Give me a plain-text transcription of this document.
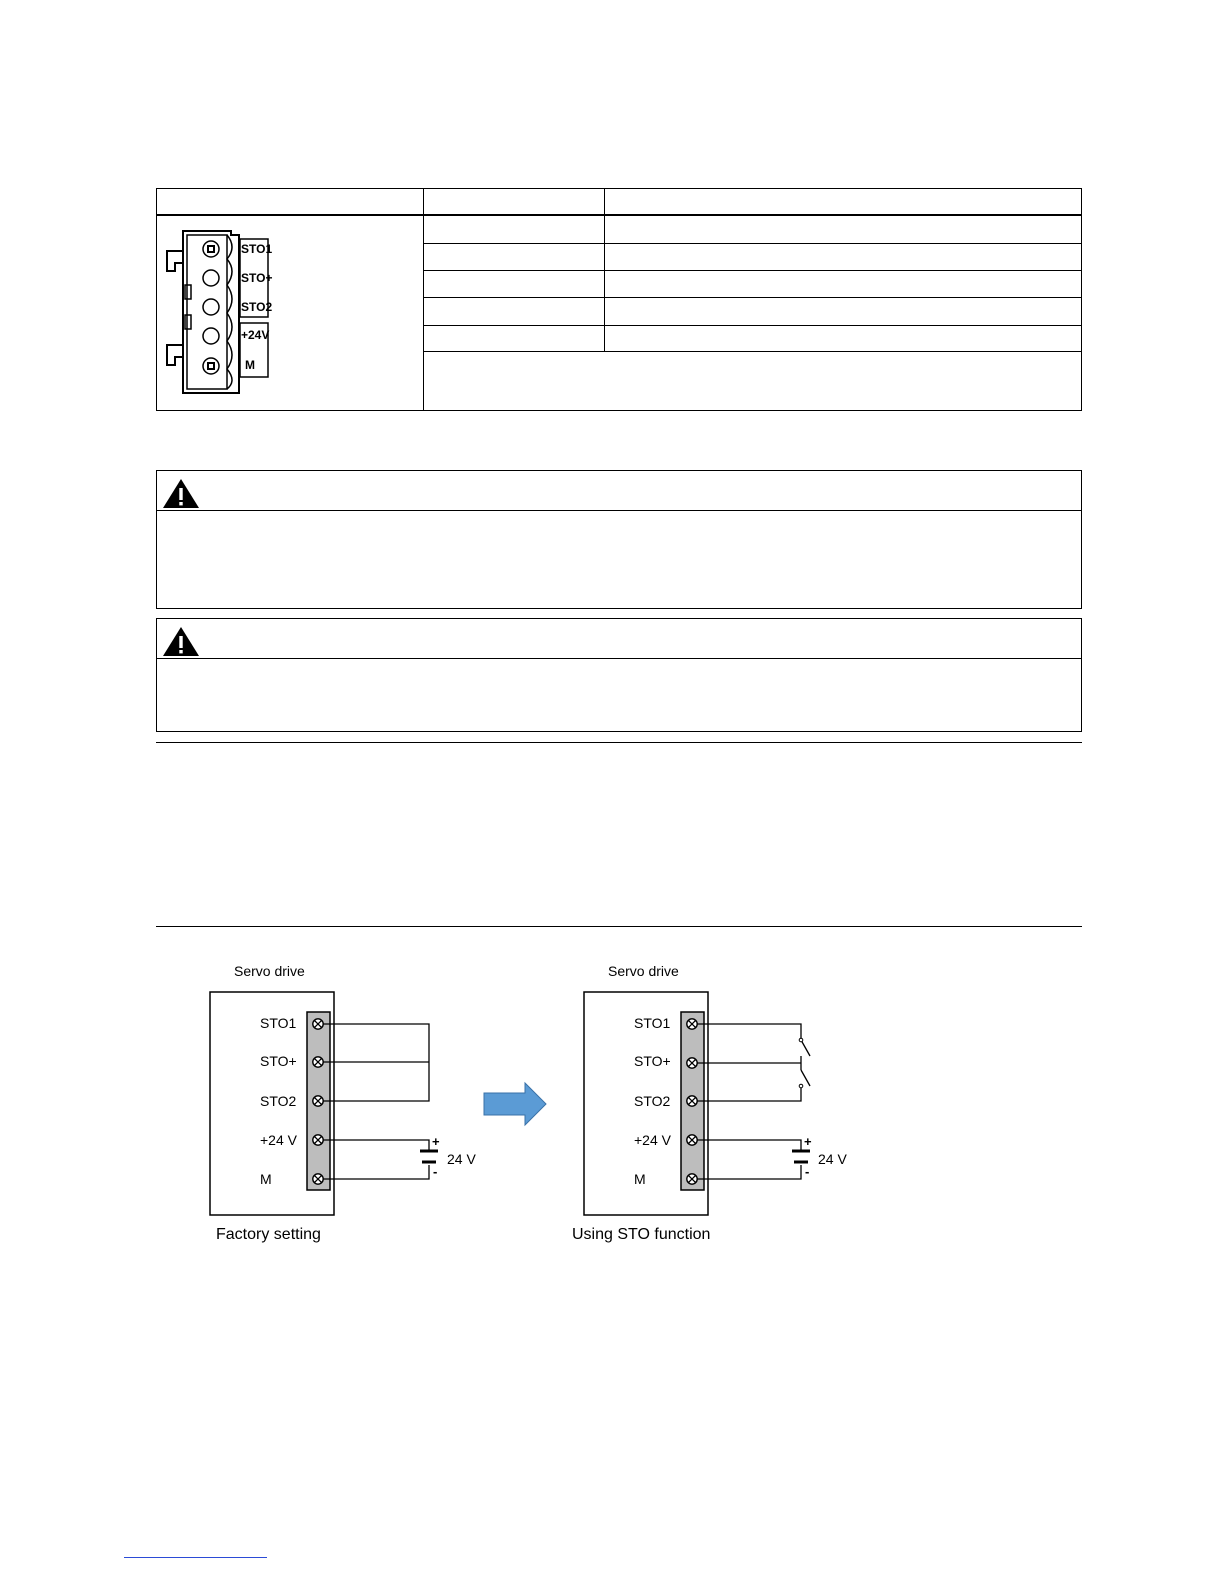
STO1
STO+
STO2
+24V
M
Servo drive
STO1
STO+
STO2
+24 V
M
+
-
24 V
Factory setting
Servo drive
STO1
STO+
STO2
+24 V
M
+
-
24 V
Using STO function
